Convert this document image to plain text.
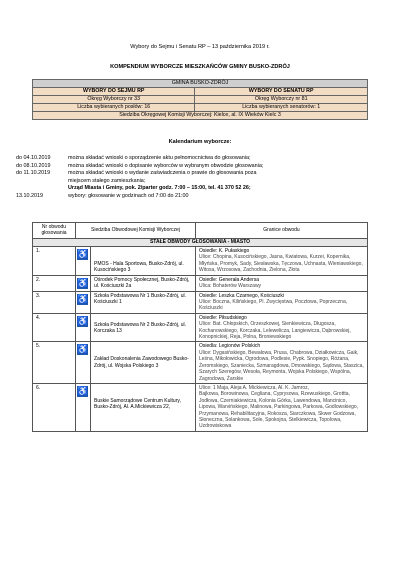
Wybory do Sejmu i Senatu RP – 13 października 2019 r.
KOMPENDIUM WYBORCZE MIESZKAŃCÓW GMINY BUSKO-ZDRÓJ
GMINA BUSKO-ZDRÓJ	
WYBORY DO SEJMU RP	WYBORY DO SENATU RP
Okręg Wyborczy nr 33	Okręg Wyborczy nr 81
Liczba wybieranych posłów: 16	Liczba wybieranych senatorów: 1
Siedziba Okręgowej Komisji Wyborczej: Kielce, al. IX Wieków Kielc 3	
Kalendarium wyborcze:
do 04.10.2019	można składać wnioski o sporządzenie aktu pełnomocnictwa do głosowania;
do 08.10.2019	można składać wnioski o dopisanie wyborców w wybranym obwodzie głosowania;
do 11.10.2019	można składać wnioski o wydanie zaświadczenia o prawie do głosowania poza
miejscem stałego zamieszkania;
Urząd Miasta i Gminy, pok. 2/parter godz. 7:00 – 15:00, tel. 41 370 52 26;
13.10.2019	wybory: głosowanie w godzinach od 7:00 do 21:00
Nr obwodu głosowania	Siedziba Obwodowej Komisji Wyborczej		Granice obwodu
STAŁE OBWODY GŁOSOWANIA - MIASTO			
1.	♿	PMOS - Hala Sportowa, Busko-Zdrój, ul. Kusocińskiego 3	Osiedle: K. Pułaskiego
Ulice: Chopina, Kusocińskiego, Jasna, Kwiatowa, Kurzei, Kopernika, Młyńska, Promyk, Sady, Siesławska, Tęczowa, Uchnasta, Wieniawskiego, Witosa, Wrzosowa, Zachodnia, Zielona, Złota

2.	♿	Ośrodek Pomocy Społecznej, Busko-Zdrój, ul. Kościuszki 2a	Osiedle: Generała Andersa
Ulica: Bohaterów Warszawy

3.	♿	Szkoła Podstawowa Nr 1 Busko-Zdrój, ul. Kościuszki 1	Osiedle: Leszka Czarnego, Kościuszki
Ulice: Boczna, Kilińskiego, Pl. Zwycięstwa, Pocztowa, Poprzeczna, Kościuszki

4.	♿	Szkoła Podstawowa Nr 2 Busko-Zdrój, ul. Korczaka 13	Osiedle: Piłsudskiego
Ulice: Bat. Chłopskich, Orzeszkowej, Sienkiewicza, Długosza, Kochanowskiego, Korczaka, Lelewelicza, Langiewicza, Dąbrowskiej, Konopnickiej, Reja, Polna, Broniewskiego

5.	♿	Zakład Doskonalenia Zawodowego Busko-Zdrój, ul. Wojska Polskiego 3	Osiedla: Legionów Polskich
Ulice: Dygasińskiego, Bewałowa, Prusa, Chabrowa, Działkowicza, Gaik, Leśna, Mikołowicka, Ogrodowa, Podlesie, Pypk. Snopiego, Różana, Żeromskiego, Szaniecka, Szmaragdowa, Dmowskiego, Sądowa, Staszica, Szarych Szeregów, Wesoła, Reymonta, Wojska Polskiego, Wspólna, Zagrodowa, Żarskie

6.	♿	Buskie Samorządowe Centrum Kultury, Busko-Zdrój, Al. A.Mickiewicza 22,	Ulice: 1 Maja, Aleja A. Mickiewicza, Al. K. Jamroz,
Bajkowa, Borowinowa, Cegliana, Cyprysowa, Rzewuskiego, Grottta, Jodłowa, Czerniakiewicza, Kolonia Górka, Lawendowa, Mancinico, Lipowa, Warvińskiego, Malinowa, Parkingowa, Parkowa, Godlowskiego, Przymanowa, Rehabilitacyjna, Rokosza, Siarczkowa, Skwer Godzowa, Słoneczna, Solankowa, Sole, Spokojna, Stelkiewicza, Topolowa, Uzdrowiskowa
